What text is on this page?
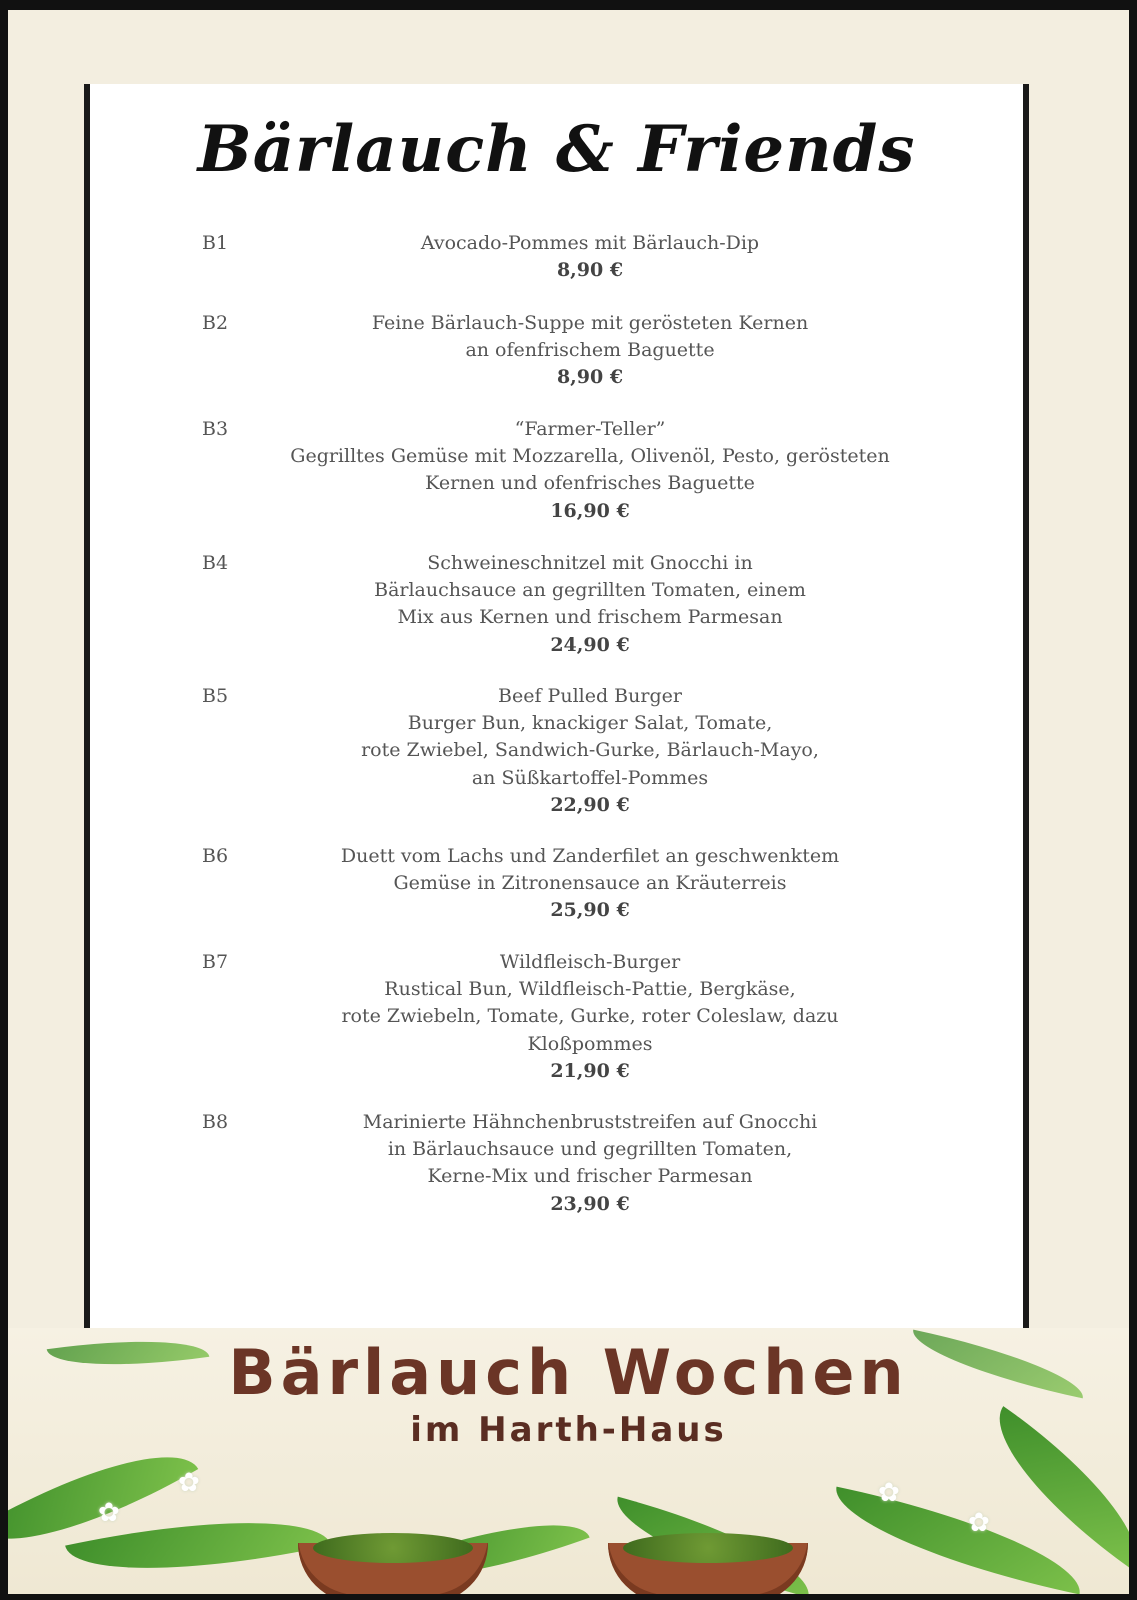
Bärlauch & Friends
B1	Avocado-Pommes mit Bärlauch-Dip
8,90 €
B2	Feine Bärlauch-Suppe mit gerösteten Kernen
an ofenfrischem Baguette
8,90 €
B3	“Farmer-Teller”
Gegrilltes Gemüse mit Mozzarella, Olivenöl, Pesto, gerösteten
Kernen und ofenfrisches Baguette
16,90 €
B4	Schweineschnitzel mit Gnocchi in
Bärlauchsauce an gegrillten Tomaten, einem
Mix aus Kernen und frischem Parmesan
24,90 €
B5	Beef Pulled Burger
Burger Bun, knackiger Salat, Tomate,
rote Zwiebel, Sandwich-Gurke, Bärlauch-Mayo,
an Süßkartoffel-Pommes
22,90 €
B6	Duett vom Lachs und Zanderfilet an geschwenktem
Gemüse in Zitronensauce an Kräuterreis
25,90 €
B7	Wildfleisch-Burger
Rustical Bun, Wildfleisch-Pattie, Bergkäse,
rote Zwiebeln, Tomate, Gurke, roter Coleslaw, dazu
Kloßpommes
21,90 €
B8	Marinierte Hähnchenbruststreifen auf Gnocchi
in Bärlauchsauce und gegrillten Tomaten,
Kerne-Mix und frischer Parmesan
23,90 €
✿
✿	✿
✿
Bärlauch Wochen
im Harth-Haus
